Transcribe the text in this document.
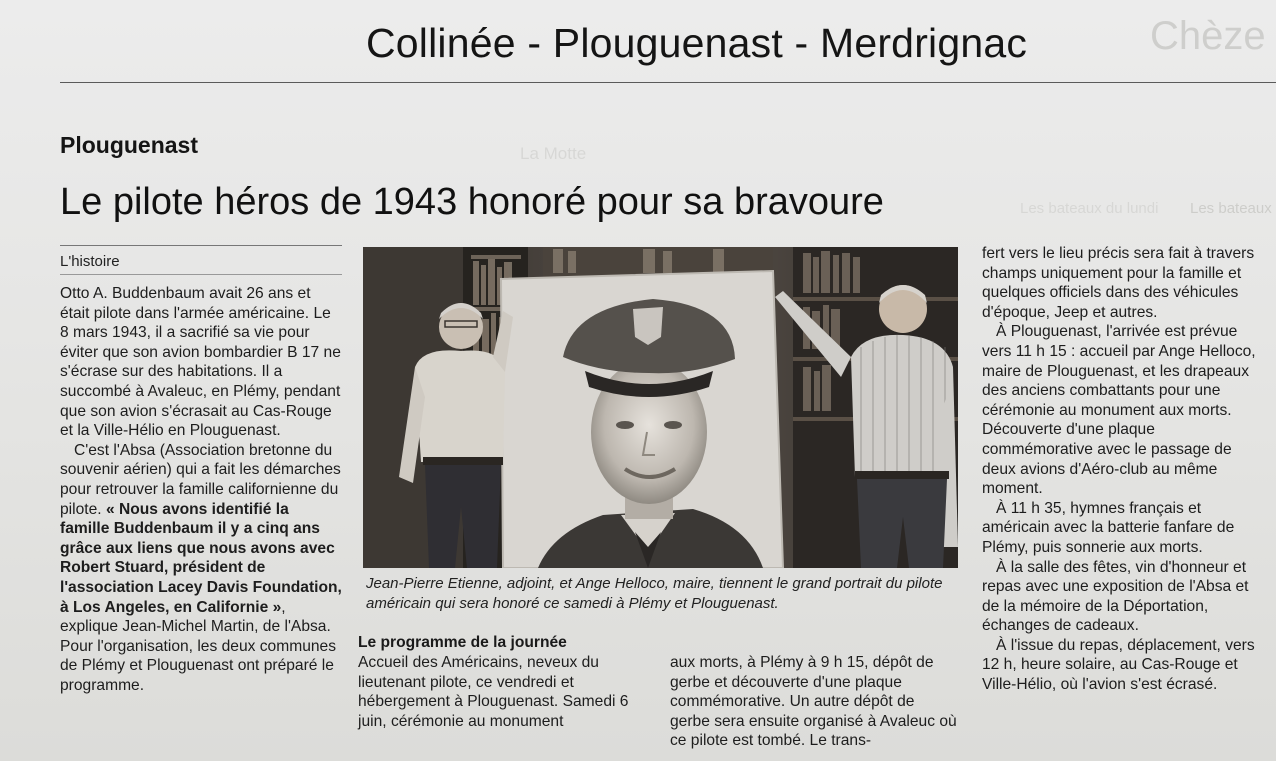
Chèze
Les bateaux
La Motte
Les bateaux du lundi
Collinée - Plouguenast - Merdrignac
Plouguenast
Le pilote héros de 1943 honoré pour sa bravoure
L'histoire

Otto A. Buddenbaum avait 26 ans et était pilote dans l'armée américaine. Le 8 mars 1943, il a sacrifié sa vie pour éviter que son avion bombardier B 17 ne s'écrase sur des habitations. Il a succombé à Avaleuc, en Plémy, pendant que son avion s'écrasait au Cas-Rouge et la Ville-Hélio en Plouguenast.

C'est l'Absa (Association bretonne du souvenir aérien) qui a fait les démarches pour retrouver la famille californienne du pilote. « Nous avons identifié la famille Buddenbaum il y a cinq ans grâce aux liens que nous avons avec Robert Stuard, président de l'association Lacey Davis Foundation, à Los Angeles, en Californie », explique Jean-Michel Martin, de l'Absa. Pour l'organisation, les deux communes de Plémy et Plouguenast ont préparé le programme.

Jean-Pierre Etienne, adjoint, et Ange Helloco, maire, tiennent le grand portrait du pilote américain qui sera honoré ce samedi à Plémy et Plouguenast.
Le programme de la journée

Accueil des Américains, neveux du lieutenant pilote, ce vendredi et hébergement à Plouguenast. Samedi 6 juin, cérémonie au monument

aux morts, à Plémy à 9 h 15, dépôt de gerbe et découverte d'une plaque commémorative. Un autre dépôt de gerbe sera ensuite organisé à Avaleuc où ce pilote est tombé. Le trans-

fert vers le lieu précis sera fait à travers champs uniquement pour la famille et quelques officiels dans des véhicules d'époque, Jeep et autres.

À Plouguenast, l'arrivée est prévue vers 11 h 15 : accueil par Ange Helloco, maire de Plouguenast, et les drapeaux des anciens combattants pour une cérémonie au monument aux morts. Découverte d'une plaque commémorative avec le passage de deux avions d'Aéro-club au même moment.

À 11 h 35, hymnes français et américain avec la batterie fanfare de Plémy, puis sonnerie aux morts.

À la salle des fêtes, vin d'honneur et repas avec une exposition de l'Absa et de la mémoire de la Déportation, échanges de cadeaux.

À l'issue du repas, déplacement, vers 12 h, heure solaire, au Cas-Rouge et Ville-Hélio, où l'avion s'est écrasé.
